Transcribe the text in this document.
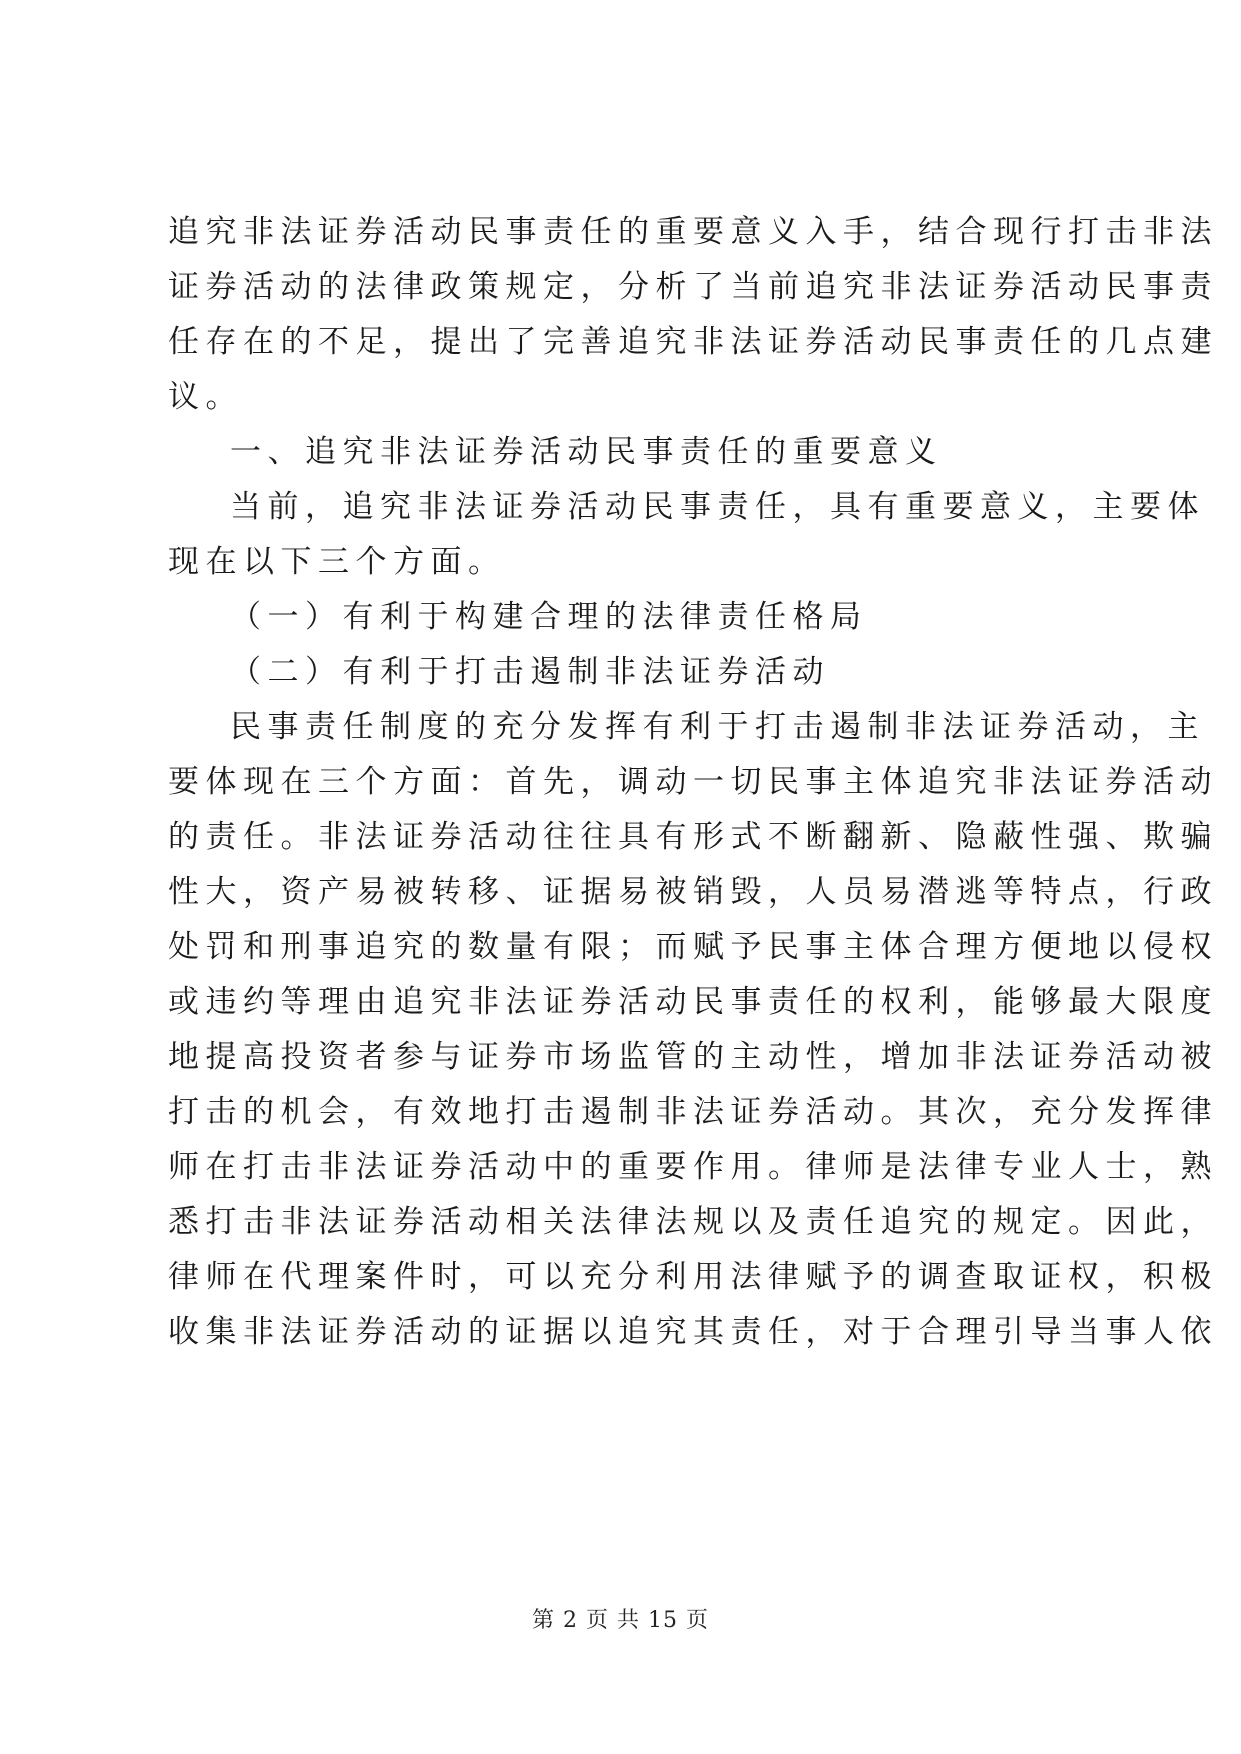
追究非法证券活动民事责任的重要意义入手，结合现行打击非法
证券活动的法律政策规定，分析了当前追究非法证券活动民事责
任存在的不足，提出了完善追究非法证券活动民事责任的几点建
议。
一、追究非法证券活动民事责任的重要意义
当前，追究非法证券活动民事责任，具有重要意义，主要体
现在以下三个方面。
（一）有利于构建合理的法律责任格局
（二）有利于打击遏制非法证券活动
民事责任制度的充分发挥有利于打击遏制非法证券活动，主
要体现在三个方面：首先，调动一切民事主体追究非法证券活动
的责任。非法证券活动往往具有形式不断翻新、隐蔽性强、欺骗
性大，资产易被转移、证据易被销毁，人员易潜逃等特点，行政
处罚和刑事追究的数量有限；而赋予民事主体合理方便地以侵权
或违约等理由追究非法证券活动民事责任的权利，能够最大限度
地提高投资者参与证券市场监管的主动性，增加非法证券活动被
打击的机会，有效地打击遏制非法证券活动。其次，充分发挥律
师在打击非法证券活动中的重要作用。律师是法律专业人士，熟
悉打击非法证券活动相关法律法规以及责任追究的规定。因此，
律师在代理案件时，可以充分利用法律赋予的调查取证权，积极
收集非法证券活动的证据以追究其责任，对于合理引导当事人依
第 2 页 共 15 页
